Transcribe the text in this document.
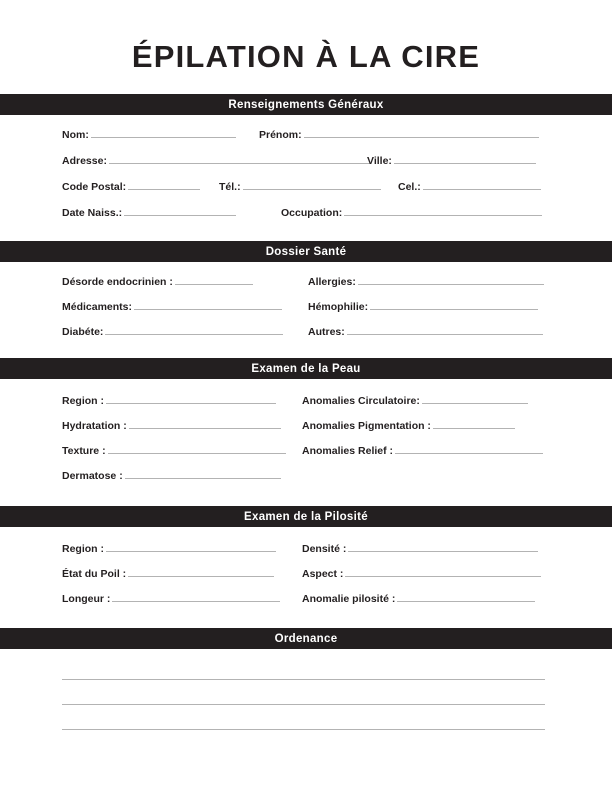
ÉPILATION À LA CIRE
Renseignements Généraux
Nom:	Prénom:
Adresse:	Ville:
Code Postal:	Tél.:	Cel.:
Date Naiss.:	Occupation:
Dossier Santé
Désorde endocrinien :	Allergies:
Médicaments:	Hémophilie:
Diabéte:	Autres:
Examen de la Peau
Region :	Anomalies Circulatoire:
Hydratation :	Anomalies Pigmentation :
Texture :	Anomalies Relief :
Dermatose :
Examen de la Pilosité
Region :	Densité :
État du Poil :	Aspect :
Longeur :	Anomalie pilosité :
Ordenance
